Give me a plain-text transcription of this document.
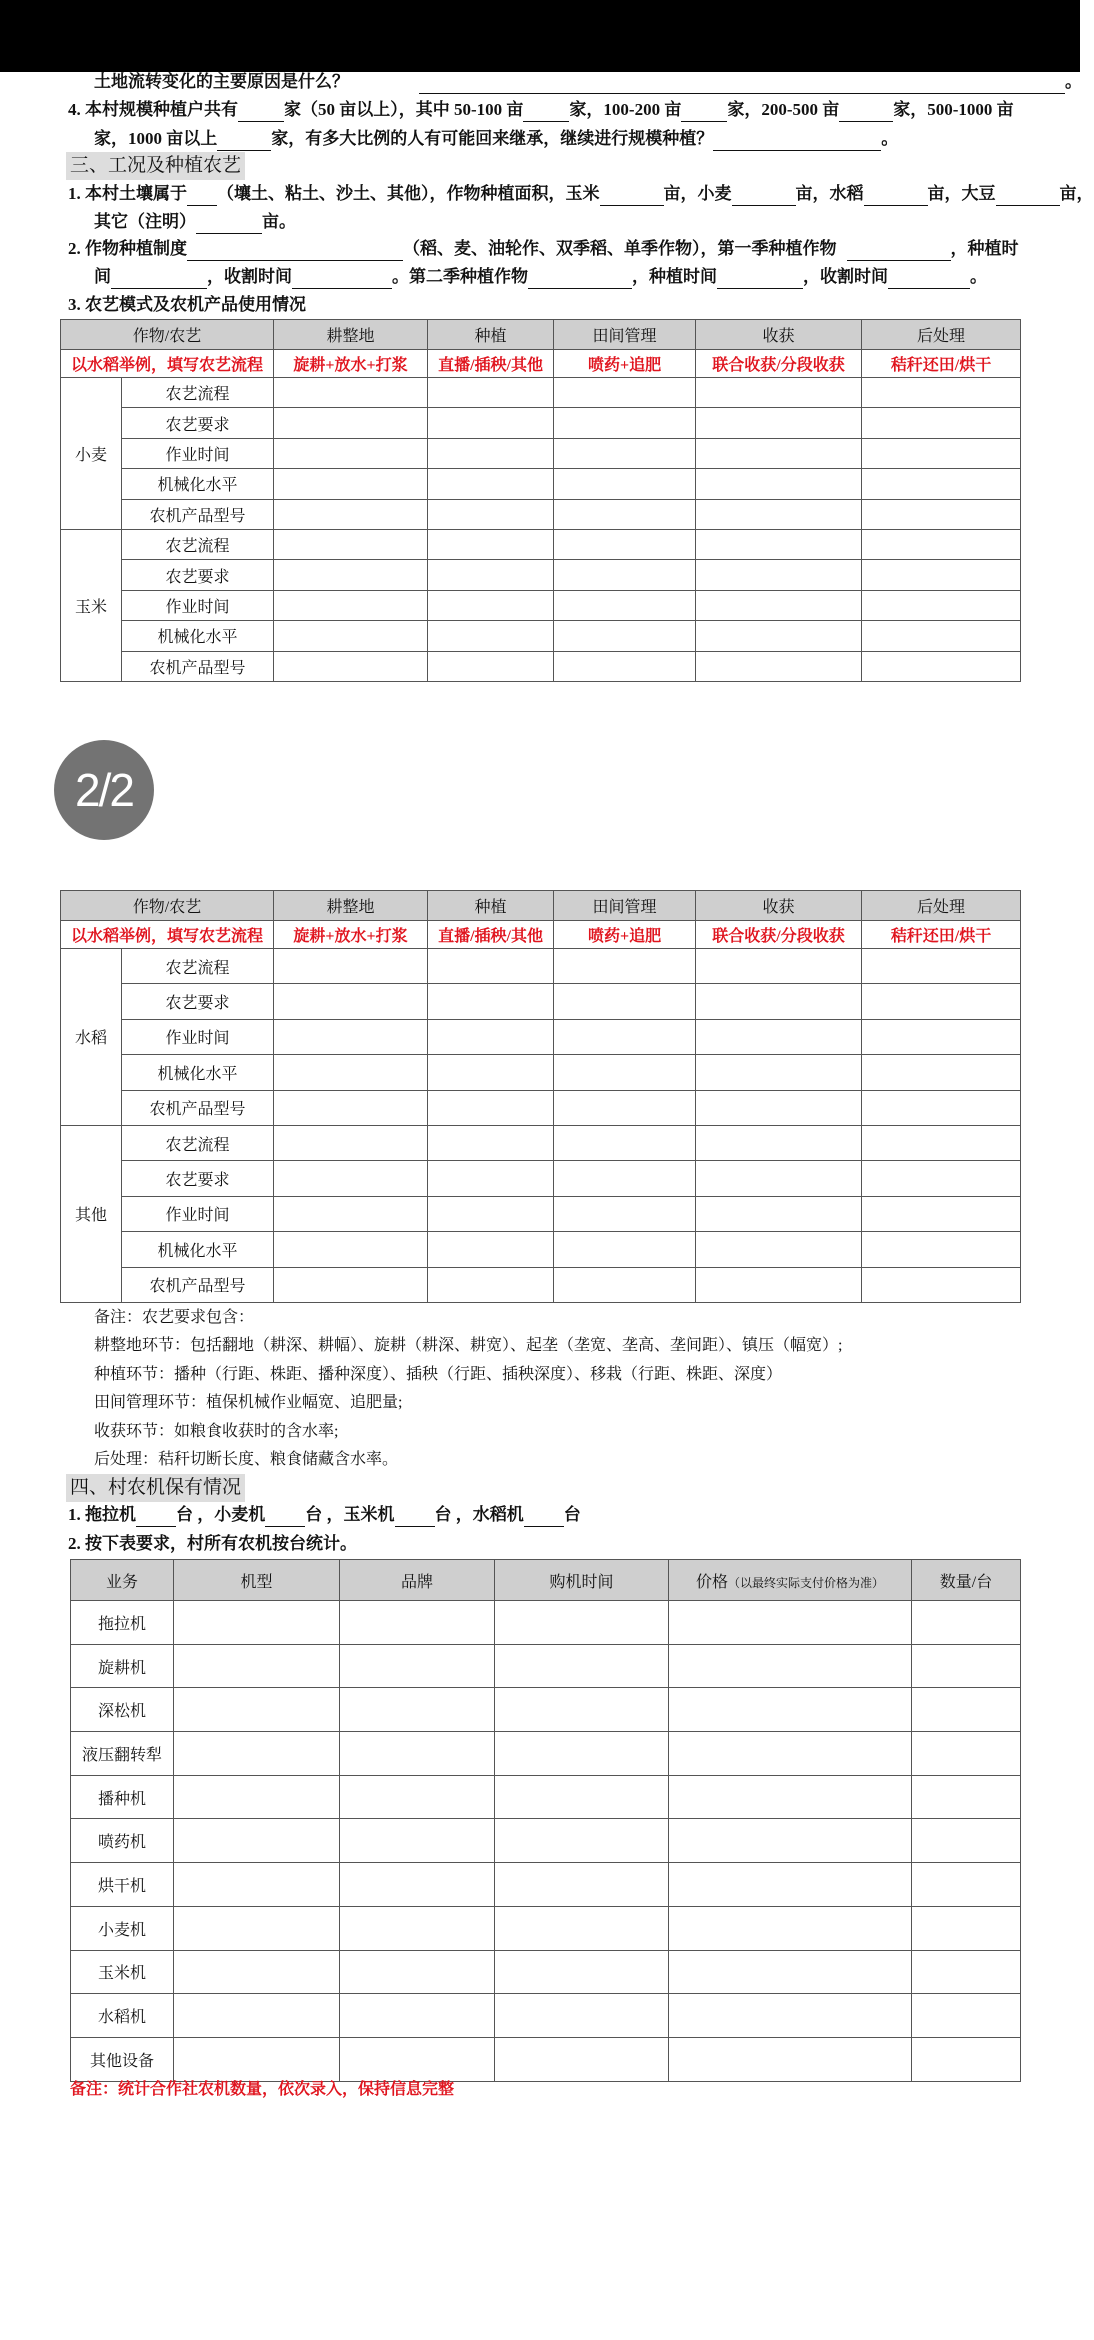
土地流转变化的主要原因是什么？	。
4. 本村规模种植户共有	家（50 亩以上），其中 50-100 亩	家，100-200 亩	家，200-500 亩	家，500-1000 亩
家，1000 亩以上	家，有多大比例的人有可能回来继承，继续进行规模种植？	。
三、工况及种植农艺
1. 本村土壤属于 （壤土、粘土、沙土、其他），作物种植面积，玉米	亩，小麦	亩，水稻	亩，大豆	亩，
其它（注明）	亩。
2. 作物种植制度	（稻、麦、油轮作、双季稻、单季作物），第一季种植作物	，种植时
间	，收割时间	。第二季种植作物	，种植时间	，收割时间	。
3. 农艺模式及农机产品使用情况
作物/农艺		耕整地	种植	田间管理	收获	后处理
以水稻举例，填写农艺流程		旋耕+放水+打浆	直播/插秧/其他	喷药+追肥	联合收获/分段收获	秸秆还田/烘干
小麦	农艺流程					
	农艺要求					
	作业时间					
	机械化水平					
	农机产品型号					
玉米	农艺流程					
	农艺要求					
	作业时间					
	机械化水平					
	农机产品型号					
作物/农艺		耕整地	种植	田间管理	收获	后处理
以水稻举例，填写农艺流程		旋耕+放水+打浆	直播/插秧/其他	喷药+追肥	联合收获/分段收获	秸秆还田/烘干
水稻	农艺流程					
	农艺要求					
	作业时间					
	机械化水平					
	农机产品型号					
其他	农艺流程					
	农艺要求					
	作业时间					
	机械化水平					
	农机产品型号					
备注：农艺要求包含：
耕整地环节：包括翻地（耕深、耕幅）、旋耕（耕深、耕宽）、起垄（垄宽、垄高、垄间距）、镇压（幅宽）;
种植环节：播种（行距、株距、播种深度）、插秧（行距、插秧深度）、移栽（行距、株距、深度）
田间管理环节：植保机械作业幅宽、追肥量;
收获环节：如粮食收获时的含水率;
后处理：秸秆切断长度、粮食储藏含水率。
四、村农机保有情况
1. 拖拉机 台 ，小麦机 台 ，玉米机 台 ，水稻机 台
2. 按下表要求，村所有农机按台统计。
业务	机型	品牌	购机时间	价格（以最终实际支付价格为准）	数量/台
拖拉机					
旋耕机					
深松机					
液压翻转犁					
播种机					
喷药机					
烘干机					
小麦机					
玉米机					
水稻机					
其他设备					
备注：统计合作社农机数量，依次录入，保持信息完整
2/2
